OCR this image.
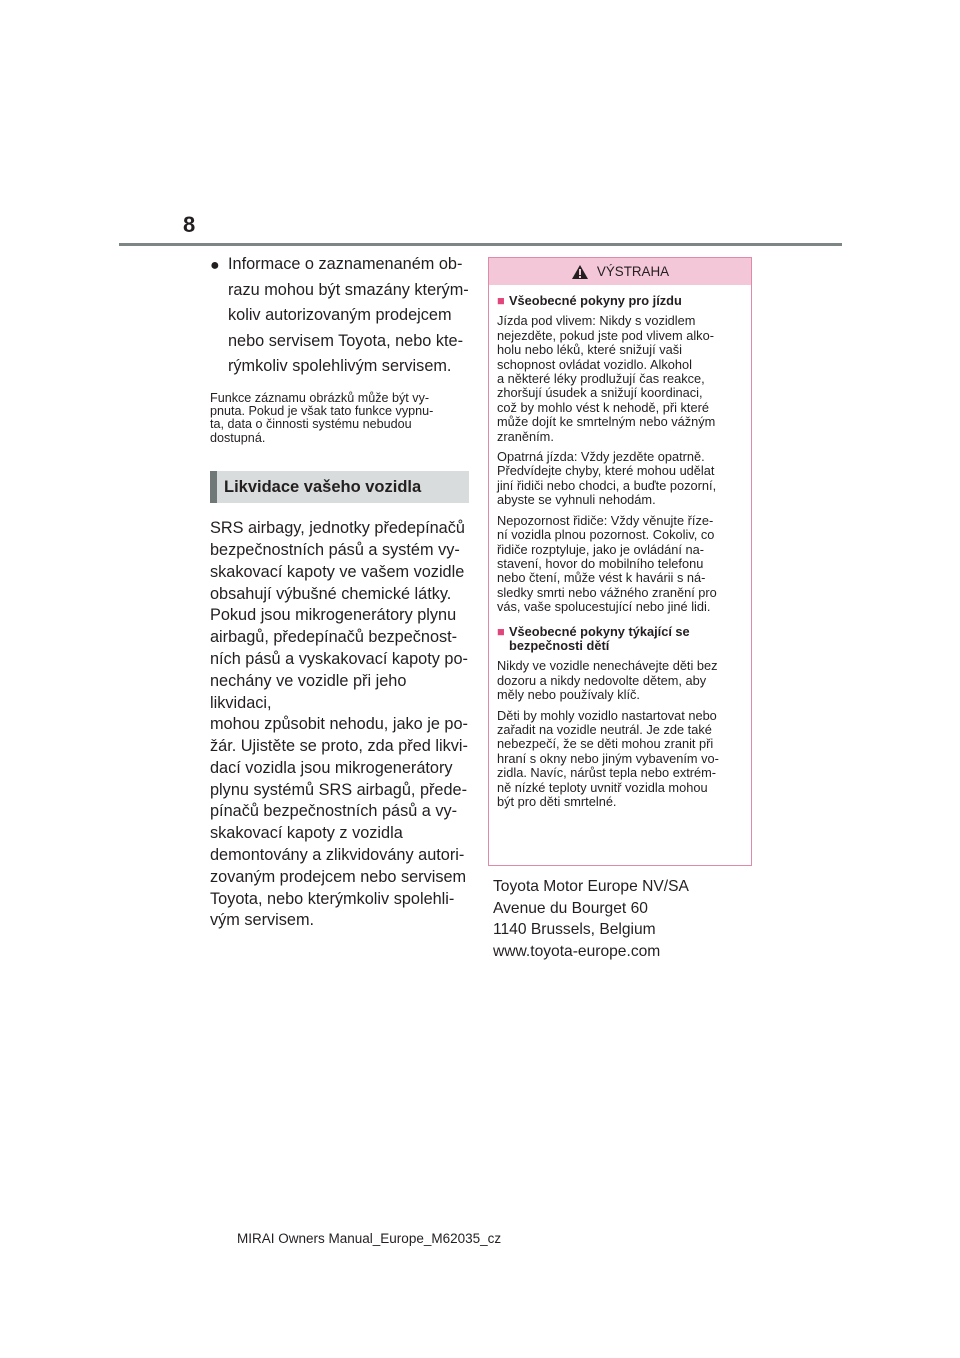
8
● Informace o zaznamenaném ob-
razu mohou být smazány kterým-
koliv autorizovaným prodejcem
nebo servisem Toyota, nebo kte-
rýmkoliv spolehlivým servisem.
Funkce záznamu obrázků může být vy-
pnuta. Pokud je však tato funkce vypnu-
ta, data o činnosti systému nebudou
dostupná.
Likvidace vašeho vozidla
SRS airbagy, jednotky předepínačů
bezpečnostních pásů a systém vy-
skakovací kapoty ve vašem vozidle
obsahují výbušné chemické látky.
Pokud jsou mikrogenerátory plynu
airbagů, předepínačů bezpečnost-
ních pásů a vyskakovací kapoty po-
nechány ve vozidle při jeho likvidaci,
mohou způsobit nehodu, jako je po-
žár. Ujistěte se proto, zda před likvi-
dací vozidla jsou mikrogenerátory
plynu systémů SRS airbagů, přede-
pínačů bezpečnostních pásů a vy-
skakovací kapoty z vozidla
demontovány a zlikvidovány autori-
zovaným prodejcem nebo servisem
Toyota, nebo kterýmkoliv spolehli-
vým servisem.
VÝSTRAHA
■ Všeobecné pokyny pro jízdu
Jízda pod vlivem: Nikdy s vozidlem
nejezděte, pokud jste pod vlivem alko-
holu nebo léků, které snižují vaši
schopnost ovládat vozidlo. Alkohol
a některé léky prodlužují čas reakce,
zhoršují úsudek a snižují koordinaci,
což by mohlo vést k nehodě, při které
může dojít ke smrtelným nebo vážným
zraněním.
Opatrná jízda: Vždy jezděte opatrně.
Předvídejte chyby, které mohou udělat
jiní řidiči nebo chodci, a buďte pozorní,
abyste se vyhnuli nehodám.
Nepozornost řidiče: Vždy věnujte říze-
ní vozidla plnou pozornost. Cokoliv, co
řidiče rozptyluje, jako je ovládání na-
stavení, hovor do mobilního telefonu
nebo čtení, může vést k havárii s ná-
sledky smrti nebo vážného zranění pro
vás, vaše spolucestující nebo jiné lidi.
■ Všeobecné pokyny týkající se
bezpečnosti dětí
Nikdy ve vozidle nenechávejte děti bez
dozoru a nikdy nedovolte dětem, aby
měly nebo používaly klíč.
Děti by mohly vozidlo nastartovat nebo
zařadit na vozidle neutrál. Je zde také
nebezpečí, že se děti mohou zranit při
hraní s okny nebo jiným vybavením vo-
zidla. Navíc, nárůst tepla nebo extrém-
ně nízké teploty uvnitř vozidla mohou
být pro děti smrtelné.
Toyota Motor Europe NV/SA
Avenue du Bourget 60
1140 Brussels, Belgium
www.toyota-europe.com
MIRAI Owners Manual_Europe_M62035_cz
